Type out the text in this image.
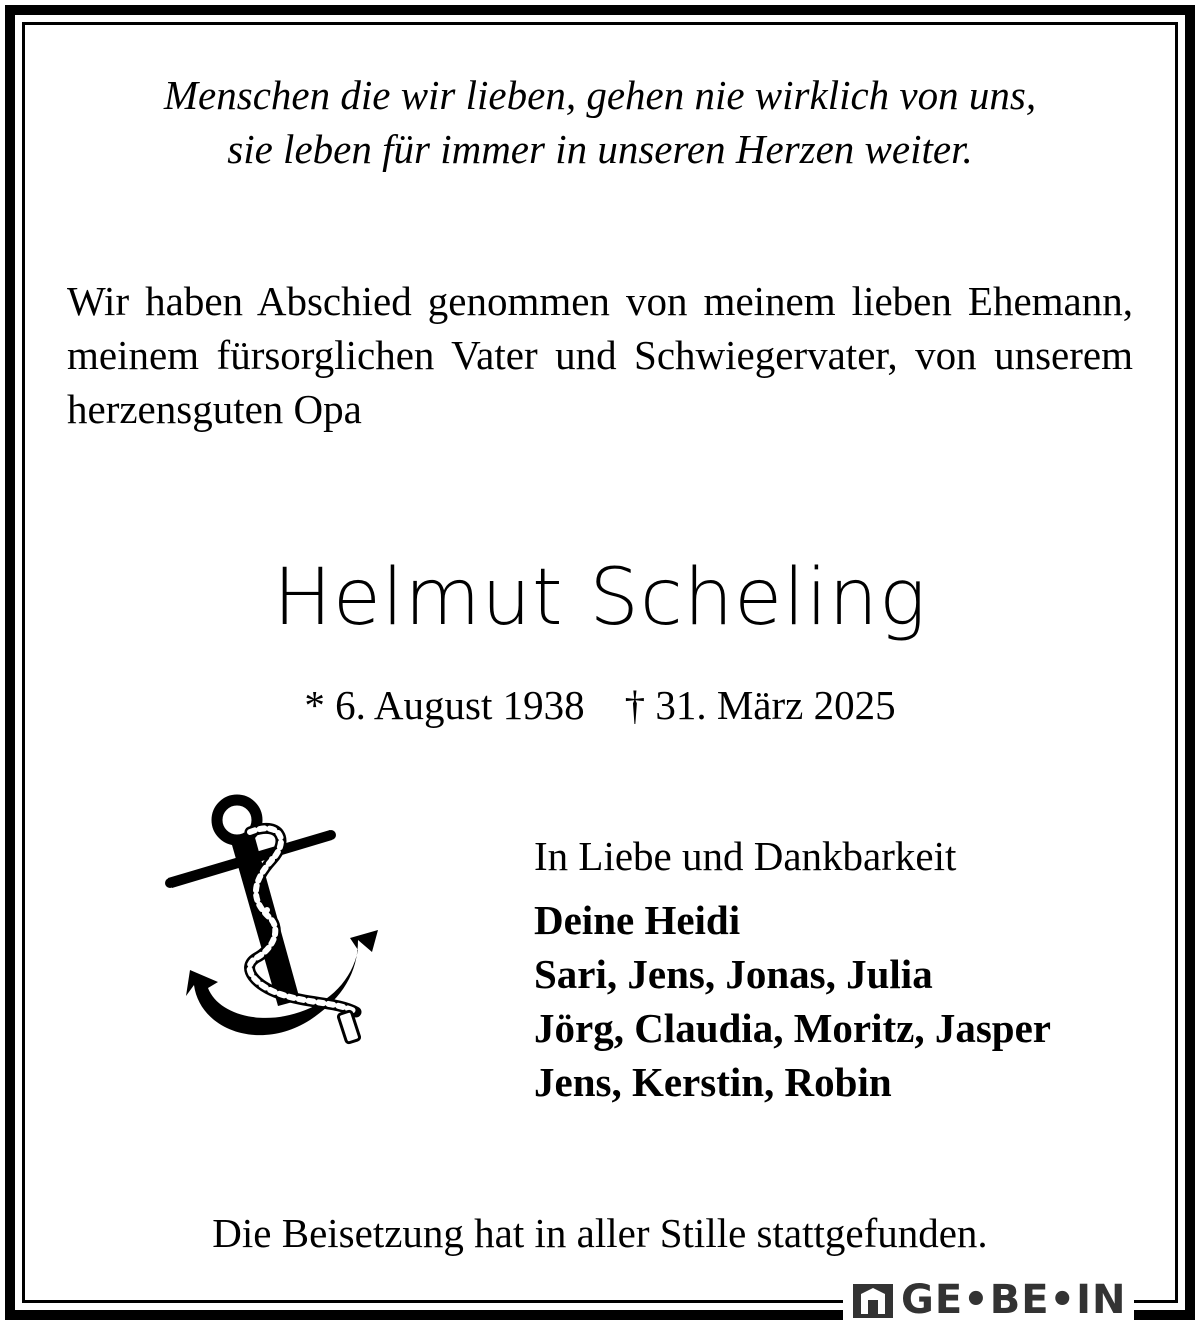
Menschen die wir lieben, gehen nie wirklich von uns,
sie leben für immer in unseren Herzen weiter.
Wir haben Abschied genommen von meinem lieben Ehemann, meinem fürsorglichen Vater und Schwiegervater, von unserem herzensguten Opa
Helmut Scheling
* 6. August 1938 † 31. März 2025
In Liebe und Dankbarkeit
Deine Heidi
Sari, Jens, Jonas, Julia
Jörg, Claudia, Moritz, Jasper
Jens, Kerstin, Robin
Die Beisetzung hat in aller Stille stattgefunden.
GE•BE•IN
